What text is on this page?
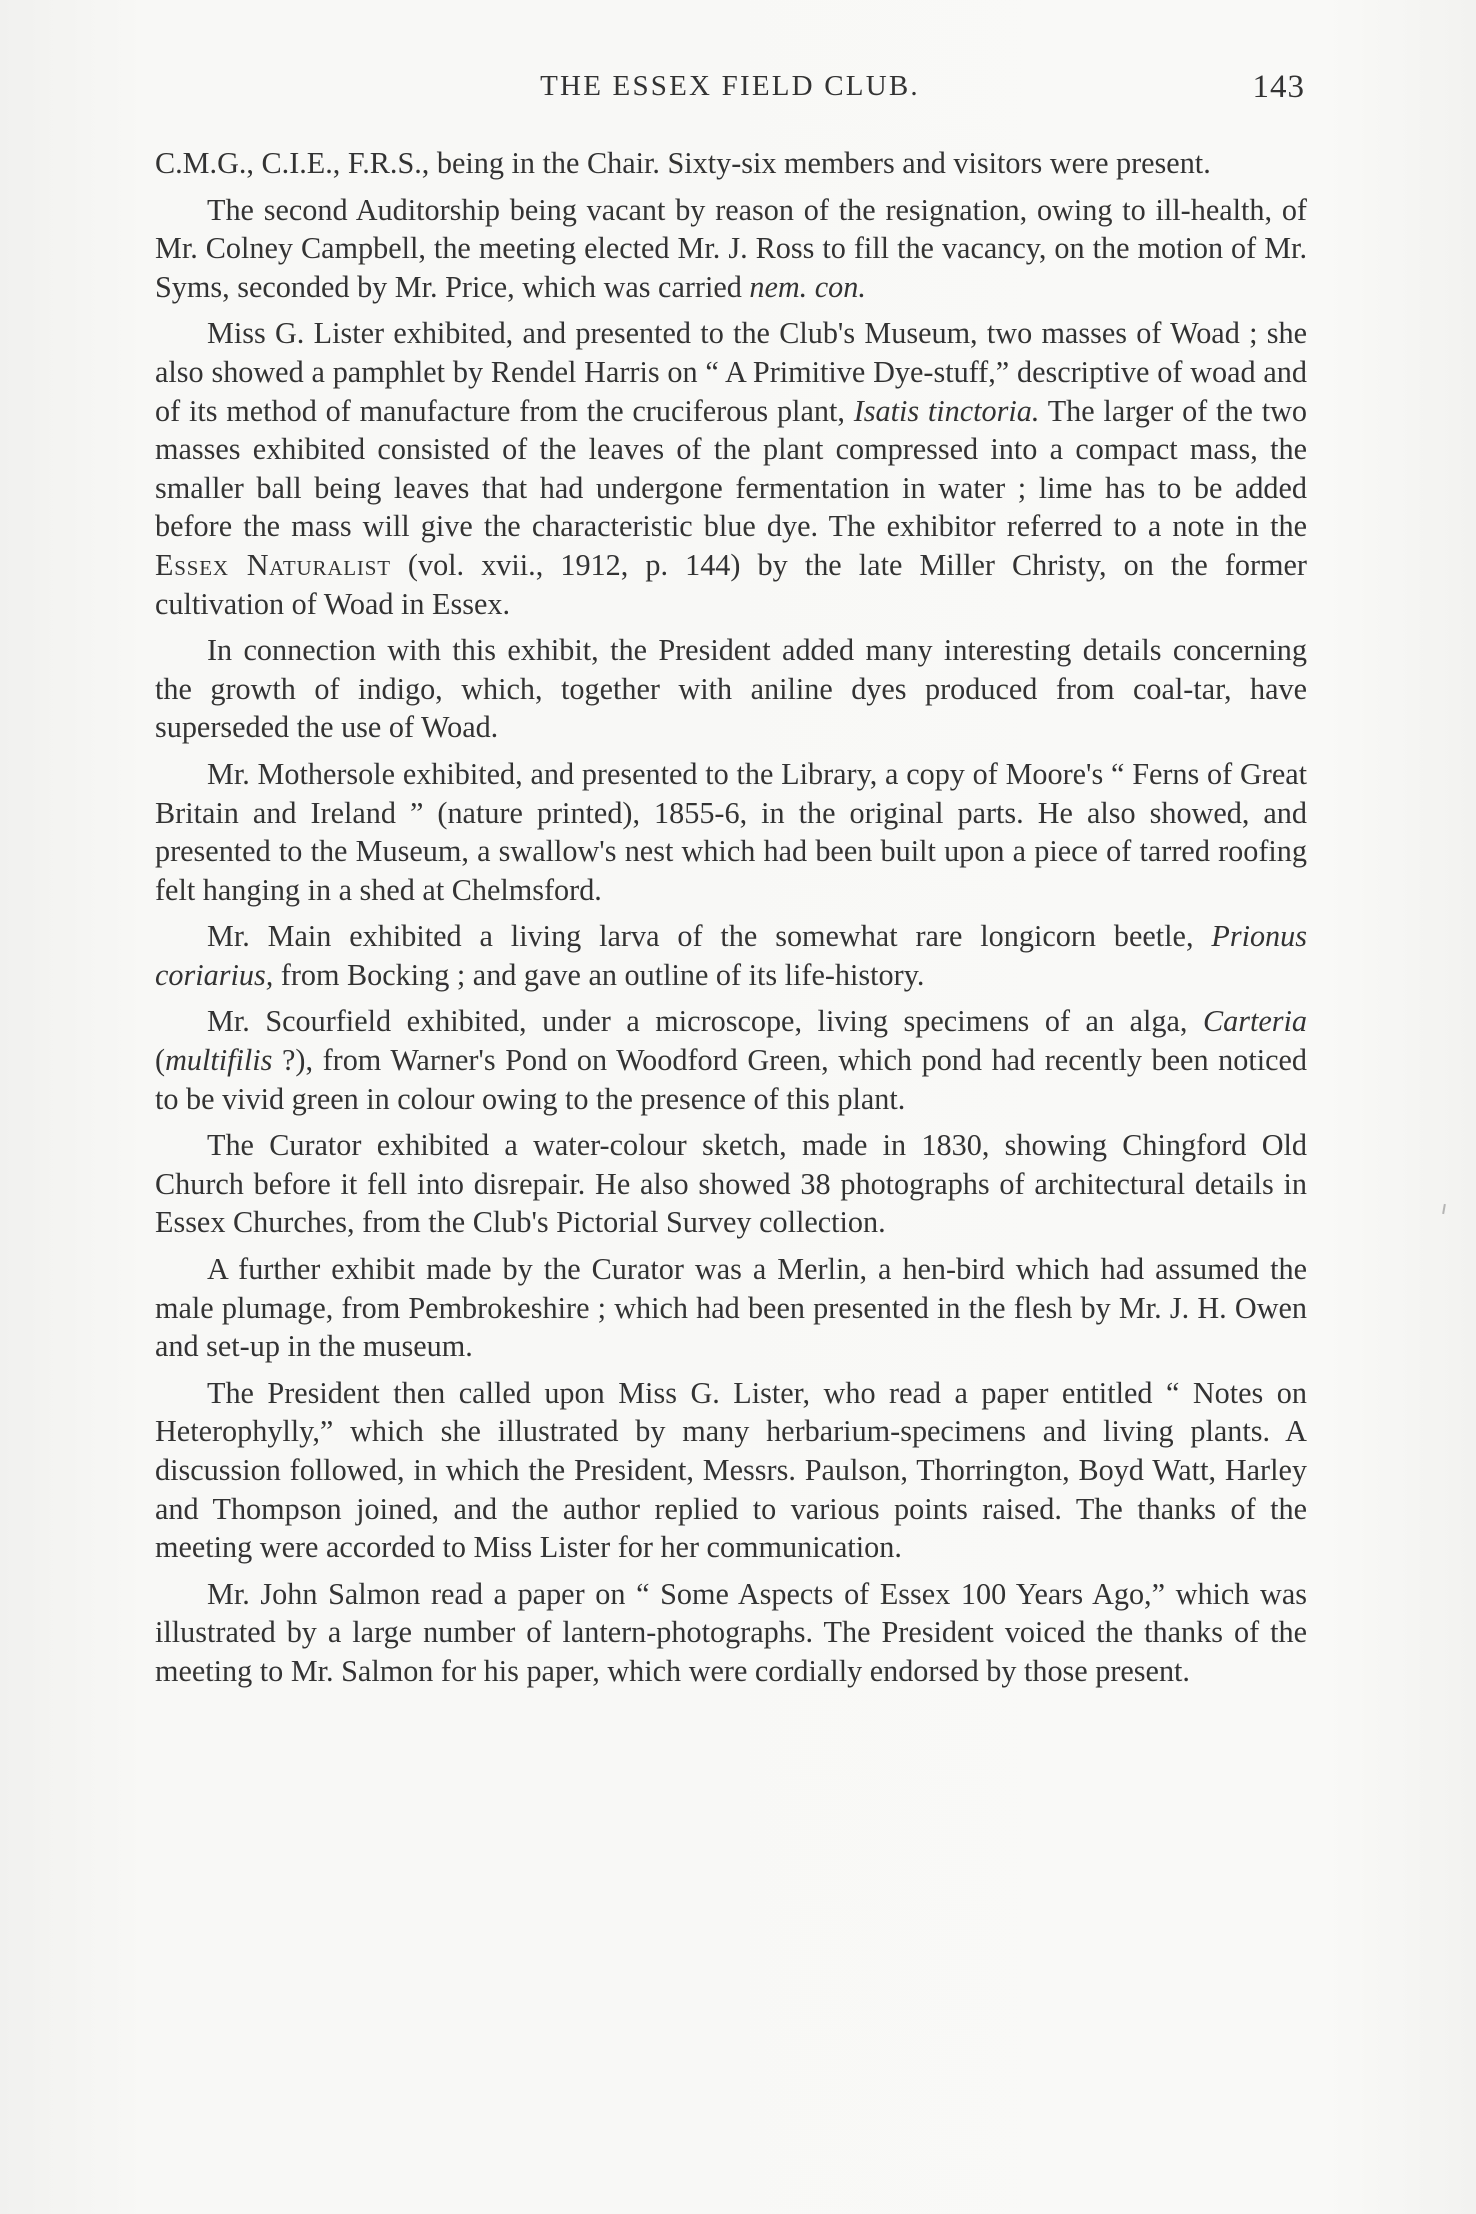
THE ESSEX FIELD CLUB.	143

C.M.G., C.I.E., F.R.S., being in the Chair. Sixty-six members and visitors were present.

The second Auditorship being vacant by reason of the resignation, owing to ill-health, of Mr. Colney Campbell, the meeting elected Mr. J. Ross to fill the vacancy, on the motion of Mr. Syms, seconded by Mr. Price, which was carried nem. con.

Miss G. Lister exhibited, and presented to the Club's Museum, two masses of Woad ; she also showed a pamphlet by Rendel Harris on “ A Primitive Dye-stuff,” descriptive of woad and of its method of manufacture from the cruciferous plant, Isatis tinctoria. The larger of the two masses exhibited consisted of the leaves of the plant compressed into a compact mass, the smaller ball being leaves that had undergone fermentation in water ; lime has to be added before the mass will give the characteristic blue dye. The exhibitor referred to a note in the Essex Naturalist (vol. xvii., 1912, p. 144) by the late Miller Christy, on the former cultivation of Woad in Essex.

In connection with this exhibit, the President added many interesting details concerning the growth of indigo, which, together with aniline dyes produced from coal-tar, have superseded the use of Woad.

Mr. Mothersole exhibited, and presented to the Library, a copy of Moore's “ Ferns of Great Britain and Ireland ” (nature printed), 1855-6, in the original parts. He also showed, and presented to the Museum, a swallow's nest which had been built upon a piece of tarred roofing felt hanging in a shed at Chelmsford.

Mr. Main exhibited a living larva of the somewhat rare longicorn beetle, Prionus coriarius, from Bocking ; and gave an outline of its life-history.

Mr. Scourfield exhibited, under a microscope, living specimens of an alga, Carteria (multifilis ?), from Warner's Pond on Woodford Green, which pond had recently been noticed to be vivid green in colour owing to the presence of this plant.

The Curator exhibited a water-colour sketch, made in 1830, showing Chingford Old Church before it fell into disrepair. He also showed 38 photographs of architectural details in Essex Churches, from the Club's Pictorial Survey collection.

A further exhibit made by the Curator was a Merlin, a hen-bird which had assumed the male plumage, from Pembrokeshire ; which had been presented in the flesh by Mr. J. H. Owen and set-up in the museum.

The President then called upon Miss G. Lister, who read a paper entitled “ Notes on Heterophylly,” which she illustrated by many herbarium-specimens and living plants. A discussion followed, in which the President, Messrs. Paulson, Thorrington, Boyd Watt, Harley and Thompson joined, and the author replied to various points raised. The thanks of the meeting were accorded to Miss Lister for her communication.

Mr. John Salmon read a paper on “ Some Aspects of Essex 100 Years Ago,” which was illustrated by a large number of lantern-photographs. The President voiced the thanks of the meeting to Mr. Salmon for his paper, which were cordially endorsed by those present.
